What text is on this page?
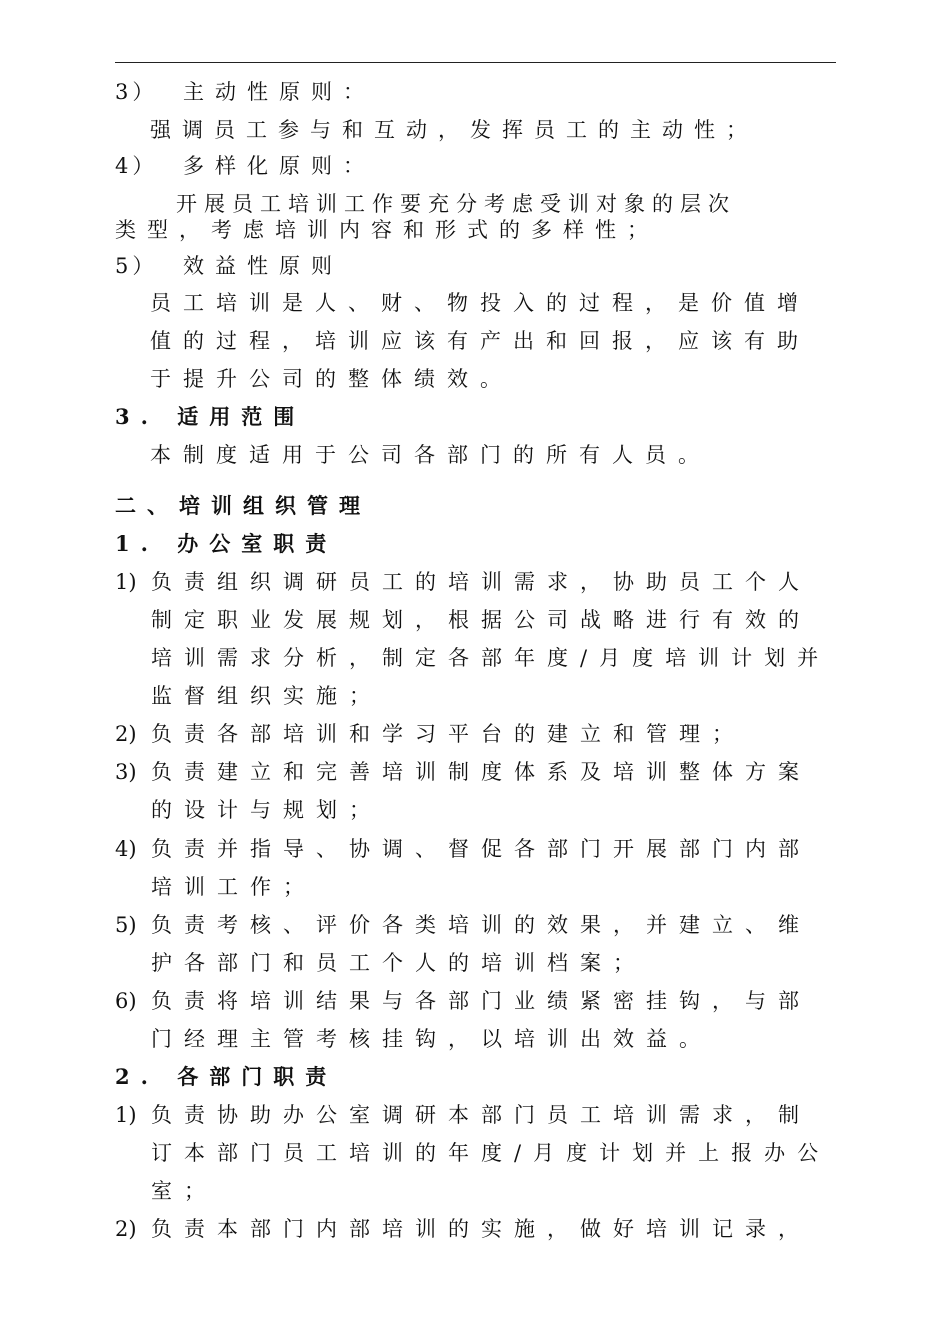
3） 主动性原则：
强调员工参与和互动，发挥员工的主动性；
4） 多样化原则：
开展员工培训工作要充分考虑受训对象的层次
类型，考虑培训内容和形式的多样性；
5） 效益性原则
员工培训是人、财、物投入的过程，是价值增
值的过程，培训应该有产出和回报，应该有助
于提升公司的整体绩效。
3. 适用范围
本制度适用于公司各部门的所有人员。
二、培训组织管理
1. 办公室职责
1) 负责组织调研员工的培训需求，协助员工个人
制定职业发展规划，根据公司战略进行有效的
培训需求分析，制定各部年度/月度培训计划并
监督组织实施；
2) 负责各部培训和学习平台的建立和管理；
3) 负责建立和完善培训制度体系及培训整体方案
的设计与规划；
4) 负责并指导、协调、督促各部门开展部门内部
培训工作；
5) 负责考核、评价各类培训的效果，并建立、维
护各部门和员工个人的培训档案；
6) 负责将培训结果与各部门业绩紧密挂钩，与部
门经理主管考核挂钩，以培训出效益。
2. 各部门职责
1) 负责协助办公室调研本部门员工培训需求，制
订本部门员工培训的年度/月度计划并上报办公
室；
2) 负责本部门内部培训的实施，做好培训记录，
